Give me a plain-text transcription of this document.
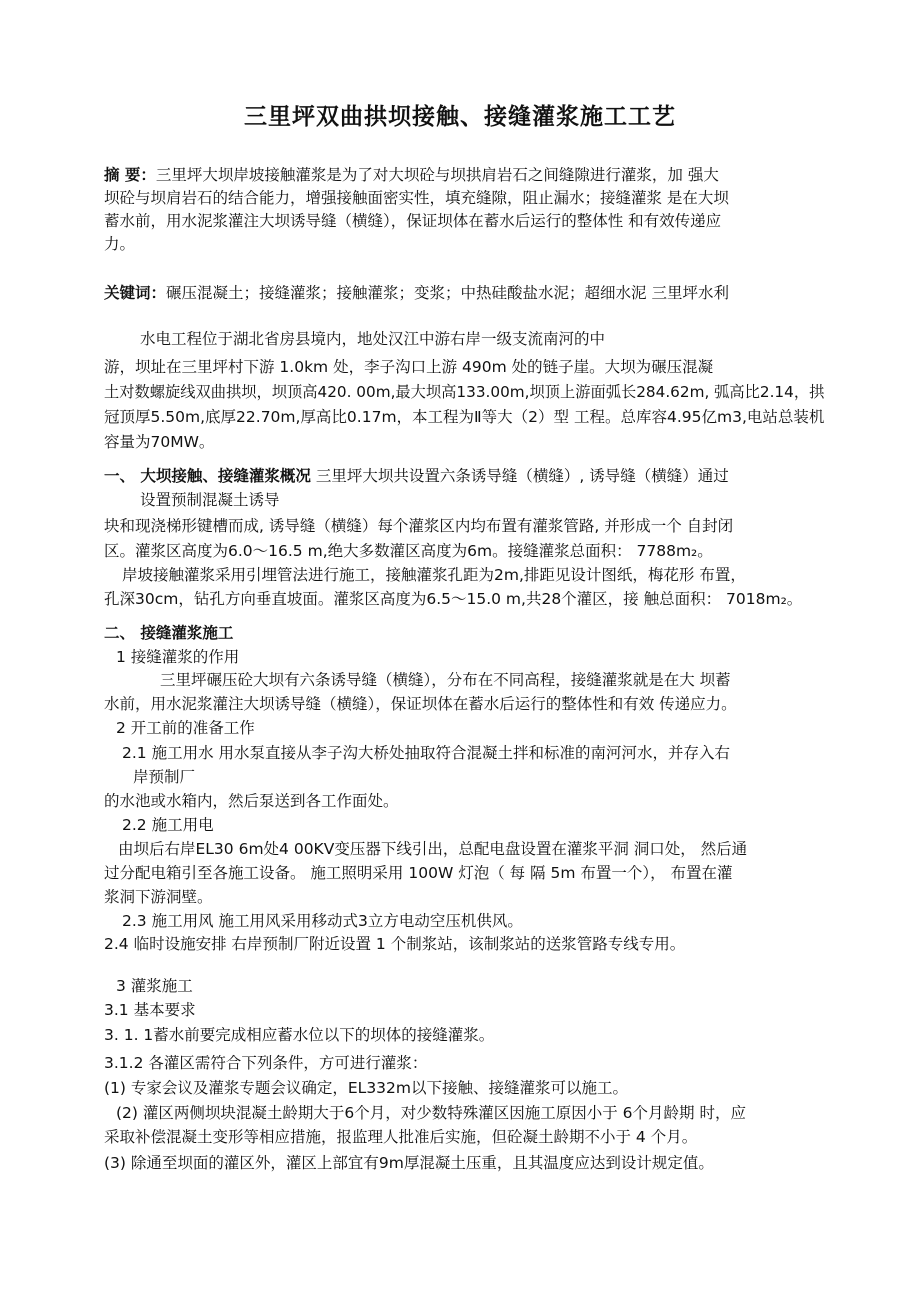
三里坪双曲拱坝接触、接缝灌浆施工工艺
摘 要：三里坪大坝岸坡接触灌浆是为了对大坝砼与坝拱肩岩石之间缝隙进行灌浆，加 强大
坝砼与坝肩岩石的结合能力，增强接触面密实性，填充缝隙，阻止漏水；接缝灌浆 是在大坝
蓄水前，用水泥浆灌注大坝诱导缝（横缝），保证坝体在蓄水后运行的整体性 和有效传递应
力。
关键词：碾压混凝土；接缝灌浆；接触灌浆；变浆；中热硅酸盐水泥；超细水泥 三里坪水利
水电工程位于湖北省房县境内，地处汉江中游右岸一级支流南河的中
游，坝址在三里坪村下游 1.0km 处，李子沟口上游 490m 处的链子崖。大坝为碾压混凝
土对数螺旋线双曲拱坝，坝顶高420. 00m,最大坝高133.00m,坝顶上游面弧长284.62m, 弧高比2.14，拱
冠顶厚5.50m,底厚22.70m,厚高比0.17m，本工程为Ⅱ等大（2）型 工程。总库容4.95亿m3,电站总装机
容量为70MW。
一、 大坝接触、接缝灌浆概况 三里坪大坝共设置六条诱导缝（横缝）, 诱导缝（横缝）通过
设置预制混凝土诱导
块和现浇梯形键槽而成, 诱导缝（横缝）每个灌浆区内均布置有灌浆管路, 并形成一个 自封闭
区。灌浆区高度为6.0〜16.5 m,绝大多数灌区高度为6m。接缝灌浆总面积： 7788m₂。
岸坡接触灌浆采用引埋管法进行施工，接触灌浆孔距为2m,排距见设计图纸，梅花形 布置，
孔深30cm，钻孔方向垂直坡面。灌浆区高度为6.5〜15.0 m,共28个灌区，接 触总面积： 7018m₂。
二、 接缝灌浆施工
1 接缝灌浆的作用
三里坪碾压砼大坝有六条诱导缝（横缝），分布在不同高程，接缝灌浆就是在大 坝蓄
水前，用水泥浆灌注大坝诱导缝（横缝），保证坝体在蓄水后运行的整体性和有效 传递应力。
2 开工前的准备工作
2.1 施工用水 用水泵直接从李子沟大桥处抽取符合混凝土拌和标准的南河河水，并存入右
岸预制厂
的水池或水箱内，然后泵送到各工作面处。
2.2 施工用电
由坝后右岸EL30 6m处4 00KV变压器下线引出，总配电盘设置在灌浆平洞 洞口处， 然后通
过分配电箱引至各施工设备。 施工照明采用 100W 灯泡（ 每 隔 5m 布置一个）， 布置在灌
浆洞下游洞壁。
2.3 施工用风 施工用风采用移动式3立方电动空压机供风。
2.4 临时设施安排 右岸预制厂附近设置 1 个制浆站，该制浆站的送浆管路专线专用。
3 灌浆施工
3.1 基本要求
3. 1. 1蓄水前要完成相应蓄水位以下的坝体的接缝灌浆。
3.1.2 各灌区需符合下列条件，方可进行灌浆：
(1) 专家会议及灌浆专题会议确定，EL332m以下接触、接缝灌浆可以施工。
(2) 灌区两侧坝块混凝土龄期大于6个月，对少数特殊灌区因施工原因小于 6个月龄期 时，应
采取补偿混凝土变形等相应措施，报监理人批准后实施，但砼凝土龄期不小于 4 个月。
(3) 除通至坝面的灌区外，灌区上部宜有9m厚混凝土压重，且其温度应达到设计规定值。
